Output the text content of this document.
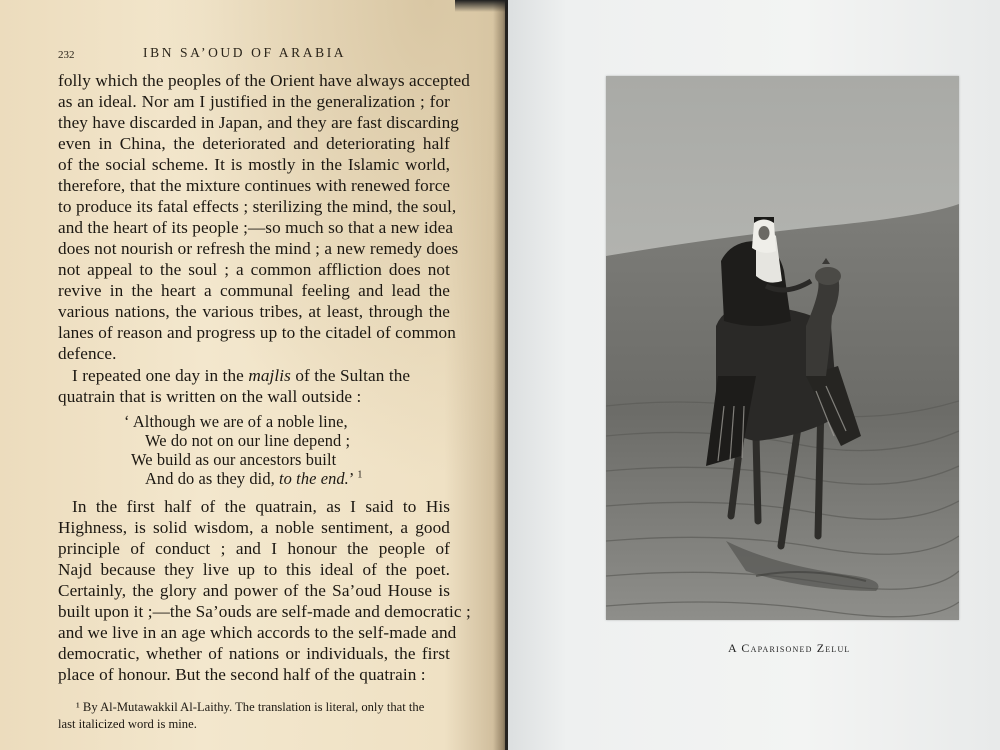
232	IBN SA’OUD OF ARABIA
folly which the peoples of the Orient have always accepted
as an ideal. Nor am I justified in the generalization ; for
they have discarded in Japan, and they are fast discarding
even in China, the deteriorated and deteriorating half
of the social scheme. It is mostly in the Islamic world,
therefore, that the mixture continues with renewed force
to produce its fatal effects ; sterilizing the mind, the soul,
and the heart of its people ;—so much so that a new idea
does not nourish or refresh the mind ; a new remedy does
not appeal to the soul ; a common affliction does not
revive in the heart a communal feeling and lead the
various nations, the various tribes, at least, through the
lanes of reason and progress up to the citadel of common
defence.
I repeated one day in the majlis of the Sultan the
quatrain that is written on the wall outside :
‘ Although we are of a noble line,
We do not on our line depend ;
We build as our ancestors built
And do as they did, to the end.’ $^1$
In the first half of the quatrain, as I said to His
Highness, is solid wisdom, a noble sentiment, a good
principle of conduct ; and I honour the people of
Najd because they live up to this ideal of the poet.
Certainly, the glory and power of the Sa’oud House is
built upon it ;—the Sa’ouds are self-made and democratic ;
and we live in an age which accords to the self-made and
democratic, whether of nations or individuals, the first
place of honour. But the second half of the quatrain :
¹ By Al-Mutawakkil Al-Laithy. The translation is literal, only that the
last italicized word is mine.
A Caparisoned Zelul
